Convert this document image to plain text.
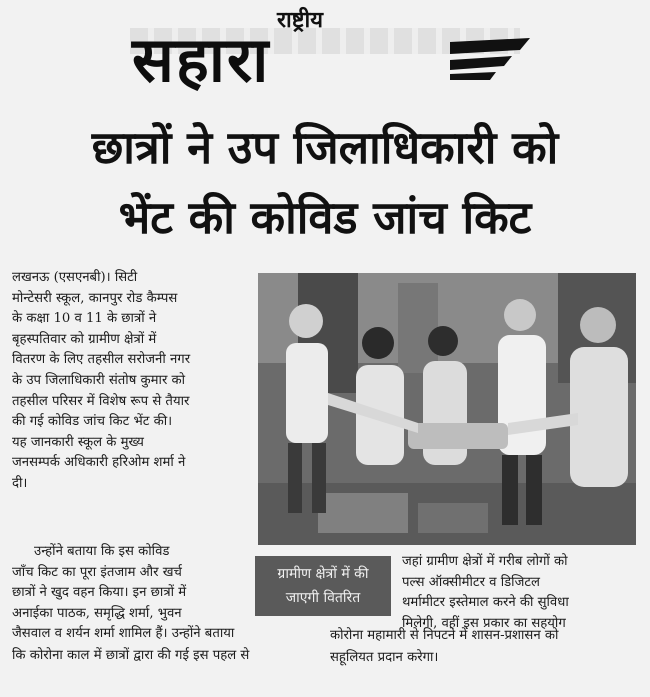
राष्ट्रीय
सहारा
छात्रों ने उप जिलाधिकारी को
भेंट की कोविड जांच किट

लखनऊ (एसएनबी)। सिटी

मोन्टेसरी स्कूल, कानपुर रोड कैम्पस

के कक्षा 10 व 11 के छात्रों ने

बृहस्पतिवार को ग्रामीण क्षेत्रों में

वितरण के लिए तहसील सरोजनी नगर

के उप जिलाधिकारी संतोष कुमार को

तहसील परिसर में विशेष रूप से तैयार

की गई कोविड जांच किट भेंट की।

यह जानकारी स्कूल के मुख्य

जनसम्पर्क अधिकारी हरिओम शर्मा ने

दी।

उन्होंने बताया कि इस कोविड

जाँच किट का पूरा इंतजाम और खर्च

छात्रों ने खुद वहन किया। इन छात्रों में

अनाईका पाठक, समृद्धि शर्मा, भुवन

ग्रामीण क्षेत्रों में की
जाएगी वितरित

जहां ग्रामीण क्षेत्रों में गरीब लोगों को

पल्स ऑक्सीमीटर व डिजिटल

थर्मामीटर इस्तेमाल करने की सुविधा

मिलेगी, वहीं इस प्रकार का सहयोग

जैसवाल व शर्यन शर्मा शामिल हैं। उन्होंने बताया

कि कोरोना काल में छात्रों द्वारा की गई इस पहल से

कोरोना महामारी से निपटने में शासन-प्रशासन को

सहूलियत प्रदान करेगा।
